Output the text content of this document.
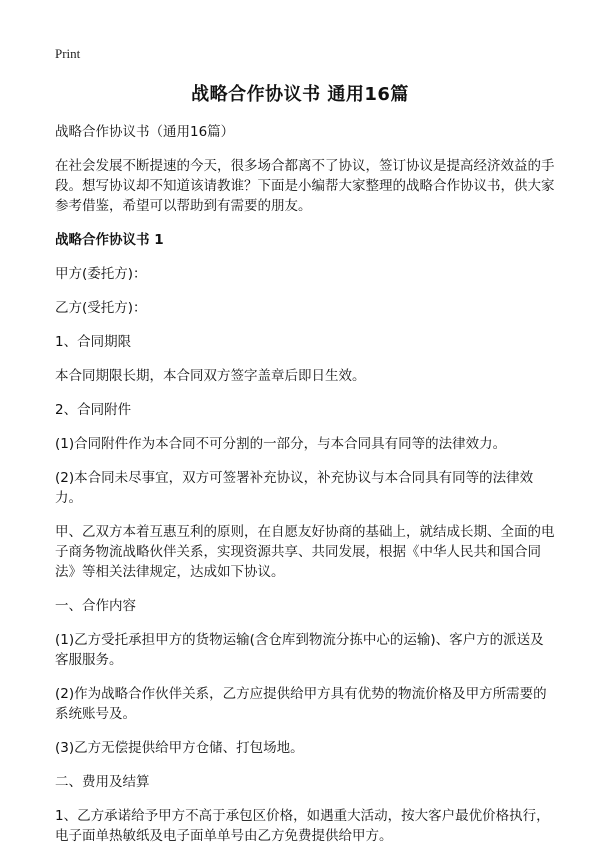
Print
战略合作协议书 通用16篇

战略合作协议书（通用16篇）

在社会发展不断提速的今天，很多场合都离不了协议，签订协议是提高经济效益的手段。想写协议却不知道该请教谁？下面是小编帮大家整理的战略合作协议书，供大家参考借鉴，希望可以帮助到有需要的朋友。

战略合作协议书 1

甲方(委托方)：

乙方(受托方)：

1、合同期限

本合同期限长期，本合同双方签字盖章后即日生效。

2、合同附件

(1)合同附件作为本合同不可分割的一部分，与本合同具有同等的法律效力。

(2)本合同未尽事宜，双方可签署补充协议，补充协议与本合同具有同等的法律效力。

甲、乙双方本着互惠互利的原则，在自愿友好协商的基础上，就结成长期、全面的电子商务物流战略伙伴关系，实现资源共享、共同发展，根据《中华人民共和国合同法》等相关法律规定，达成如下协议。

一、合作内容

(1)乙方受托承担甲方的货物运输(含仓库到物流分拣中心的运输)、客户方的派送及客服服务。

(2)作为战略合作伙伴关系，乙方应提供给甲方具有优势的物流价格及甲方所需要的系统账号及。

(3)乙方无偿提供给甲方仓储、打包场地。

二、费用及结算

1、乙方承诺给予甲方不高于承包区价格，如遇重大活动，按大客户最优价格执行，电子面单热敏纸及电子面单单号由乙方免费提供给甲方。
